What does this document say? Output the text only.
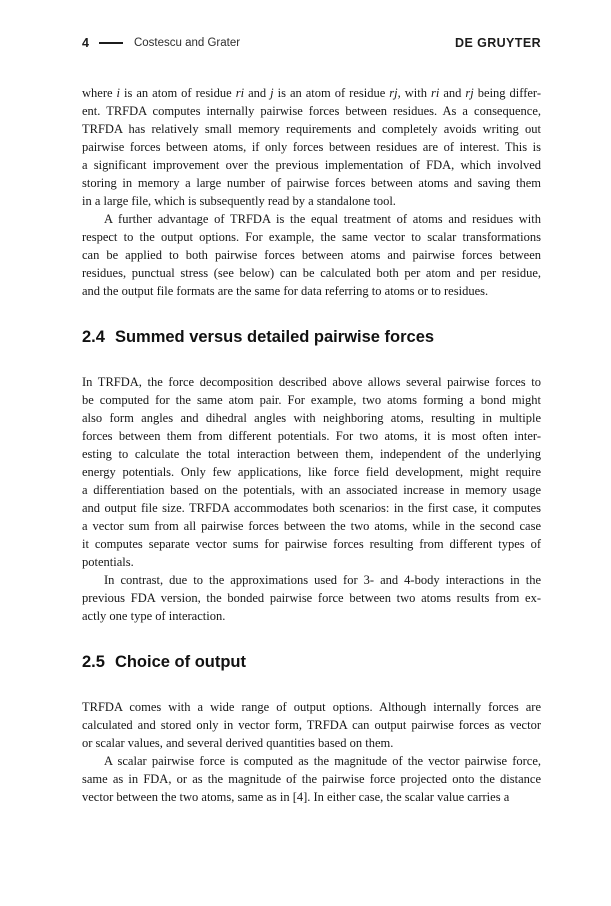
4	Costescu and Grater	DE GRUYTER
where i is an atom of residue ri and j is an atom of residue rj, with ri and rj being differ-
ent. TRFDA computes internally pairwise forces between residues. As a consequence,
TRFDA has relatively small memory requirements and completely avoids writing out
pairwise forces between atoms, if only forces between residues are of interest. This is
a significant improvement over the previous implementation of FDA, which involved
storing in memory a large number of pairwise forces between atoms and saving them
in a large file, which is subsequently read by a standalone tool.
A further advantage of TRFDA is the equal treatment of atoms and residues with
respect to the output options. For example, the same vector to scalar transformations
can be applied to both pairwise forces between atoms and pairwise forces between
residues, punctual stress (see below) can be calculated both per atom and per residue,
and the output file formats are the same for data referring to atoms or to residues.
2.4 Summed versus detailed pairwise forces
In TRFDA, the force decomposition described above allows several pairwise forces to
be computed for the same atom pair. For example, two atoms forming a bond might
also form angles and dihedral angles with neighboring atoms, resulting in multiple
forces between them from different potentials. For two atoms, it is most often inter-
esting to calculate the total interaction between them, independent of the underlying
energy potentials. Only few applications, like force field development, might require
a differentiation based on the potentials, with an associated increase in memory usage
and output file size. TRFDA accommodates both scenarios: in the first case, it computes
a vector sum from all pairwise forces between the two atoms, while in the second case
it computes separate vector sums for pairwise forces resulting from different types of
potentials.
In contrast, due to the approximations used for 3- and 4-body interactions in the
previous FDA version, the bonded pairwise force between two atoms results from ex-
actly one type of interaction.
2.5 Choice of output
TRFDA comes with a wide range of output options. Although internally forces are
calculated and stored only in vector form, TRFDA can output pairwise forces as vector
or scalar values, and several derived quantities based on them.
A scalar pairwise force is computed as the magnitude of the vector pairwise force,
same as in FDA, or as the magnitude of the pairwise force projected onto the distance
vector between the two atoms, same as in [4]. In either case, the scalar value carries a
